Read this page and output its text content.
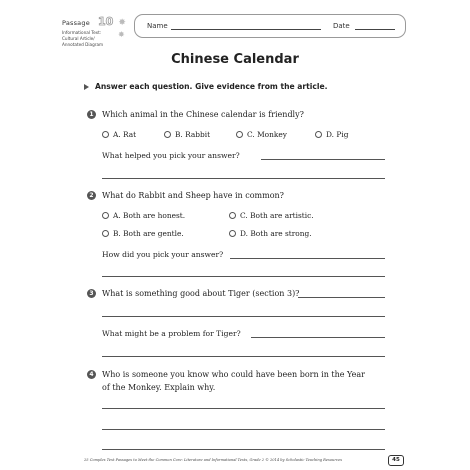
Passage 10 ✸
Informational Text:
Cultural Article/
Annotated Diagram
✸
Name	Date
Chinese Calendar
Answer each question. Give evidence from the article.
1	Which animal in the Chinese calendar is friendly?
A. Rat	B. Rabbit	C. Monkey	D. Pig
What helped you pick your answer?
2	What do Rabbit and Sheep have in common?
A. Both are honest.	C. Both are artistic.
B. Both are gentle.	D. Both are strong.
How did you pick your answer?
3	What is something good about Tiger (section 3)?
What might be a problem for Tiger?
4	Who is someone you know who could have been born in the Year
of the Monkey. Explain why.
25 Complex Text Passages to Meet the Common Core: Literature and Informational Texts, Grade 2 © 2014 by Scholastic Teaching Resources	45
